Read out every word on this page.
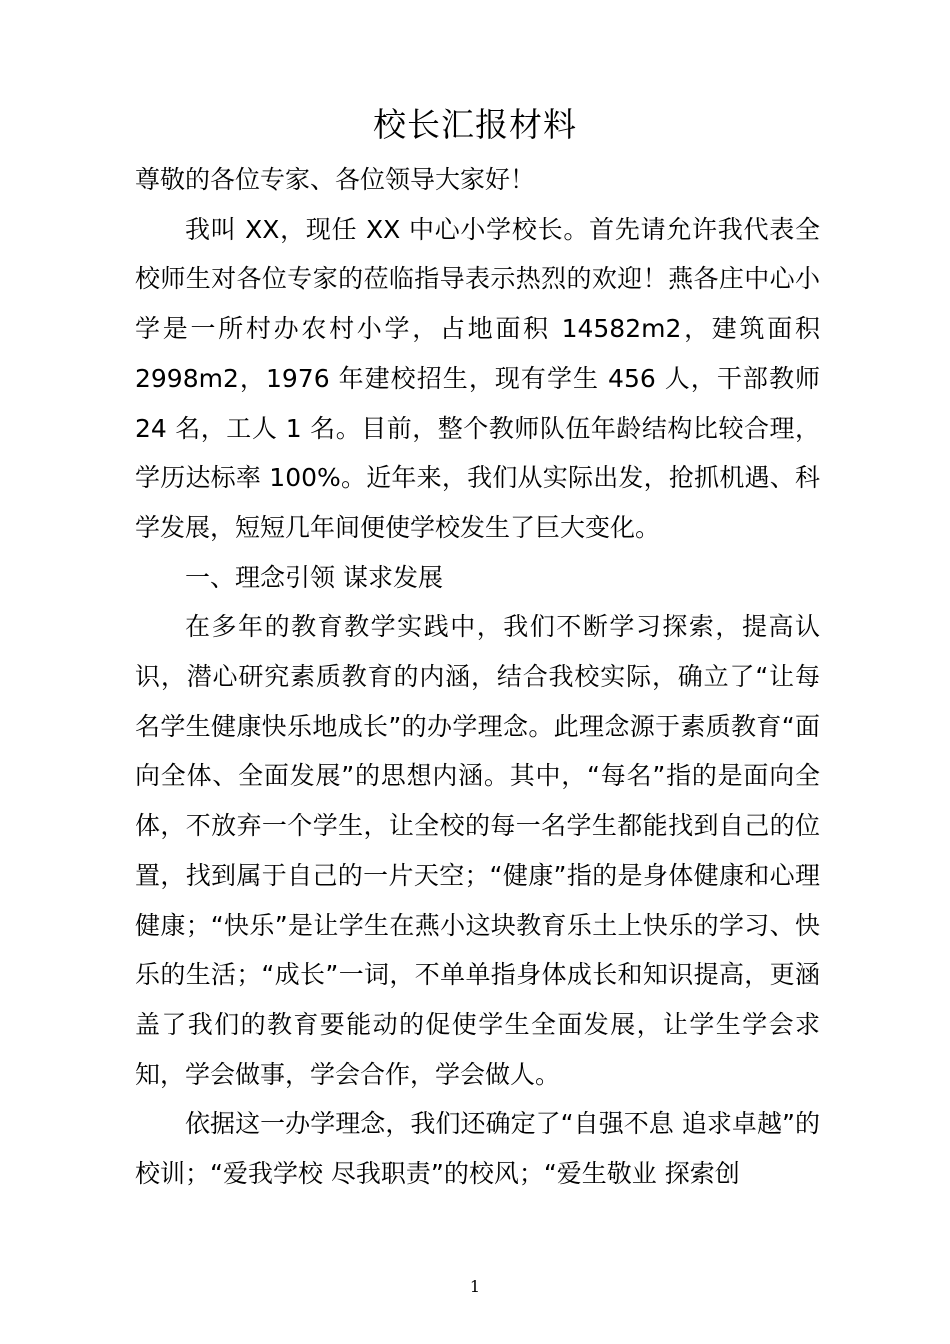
校长汇报材料

尊敬的各位专家、各位领导大家好！

我叫 XX，现任 XX 中心小学校长。首先请允许我代表全校师生对各位专家的莅临指导表示热烈的欢迎！燕各庄中心小学是一所村办农村小学，占地面积 14582m2，建筑面积 2998m2，1976 年建校招生，现有学生 456 人，干部教师 24 名，工人 1 名。目前，整个教师队伍年龄结构比较合理，学历达标率 100%。近年来，我们从实际出发，抢抓机遇、科学发展，短短几年间便使学校发生了巨大变化。

一、理念引领 谋求发展

在多年的教育教学实践中，我们不断学习探索，提高认识，潜心研究素质教育的内涵，结合我校实际，确立了“让每名学生健康快乐地成长”的办学理念。此理念源于素质教育“面向全体、全面发展”的思想内涵。其中，“每名”指的是面向全体，不放弃一个学生，让全校的每一名学生都能找到自己的位置，找到属于自己的一片天空；“健康”指的是身体健康和心理健康；“快乐”是让学生在燕小这块教育乐土上快乐的学习、快乐的生活；“成长”一词，不单单指身体成长和知识提高，更涵盖了我们的教育要能动的促使学生全面发展，让学生学会求知，学会做事，学会合作，学会做人。

依据这一办学理念，我们还确定了“自强不息 追求卓越”的校训；“爱我学校 尽我职责”的校风；“爱生敬业 探索创

1
